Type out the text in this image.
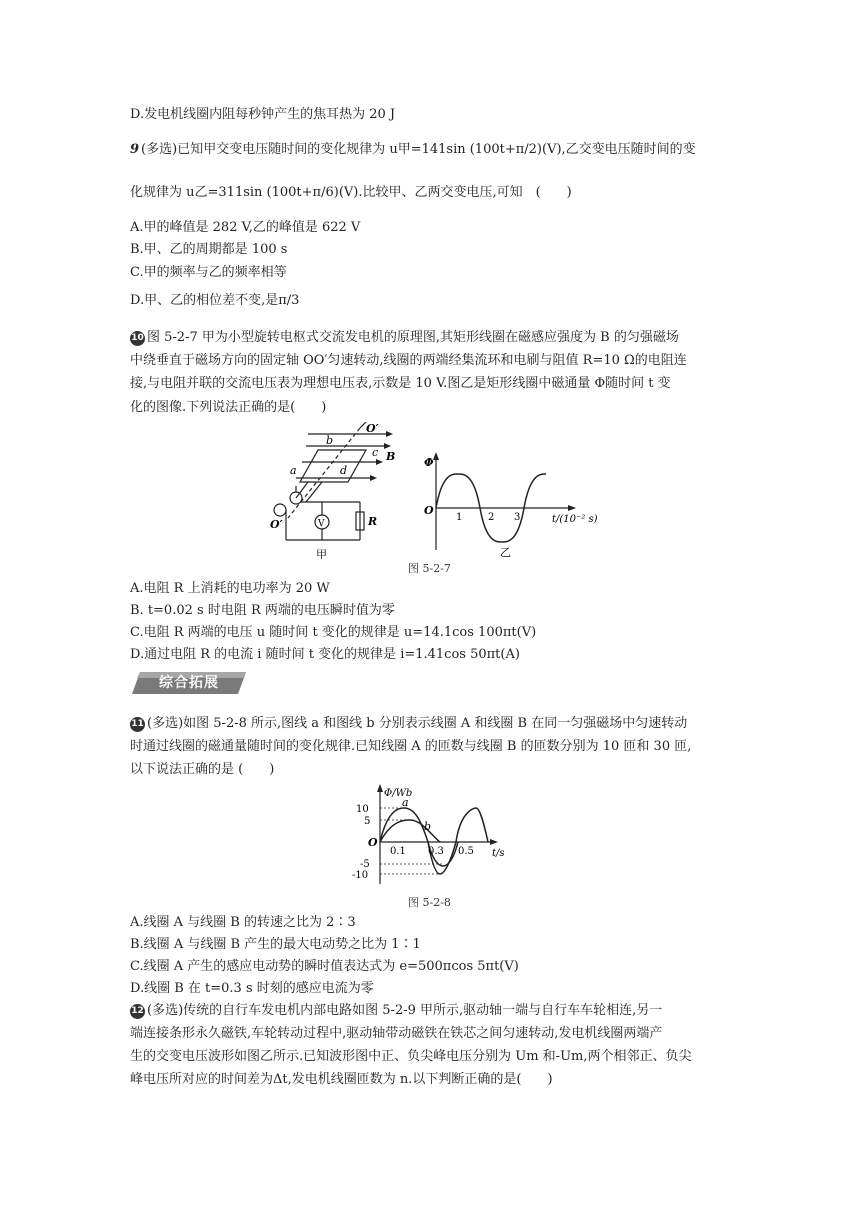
D.发电机线圈内阻每秒钟产生的焦耳热为 20 J
9 (多选)已知甲交变电压随时间的变化规律为 u甲=141sin (100t+π/2)(V),乙交变电压随时间的变
化规律为 u乙=311sin (100t+π/6)(V).比较甲、乙两交变电压,可知　(　　)
A.甲的峰值是 282 V,乙的峰值是 622 V
B.甲、乙的周期都是 100 s
C.甲的频率与乙的频率相等
D.甲、乙的相位差不变,是π/3
10 图 5-2-7 甲为小型旋转电枢式交流发电机的原理图,其矩形线圈在磁感应强度为 B 的匀强磁场
中绕垂直于磁场方向的固定轴 OO′匀速转动,线圈的两端经集流环和电刷与阻值 R=10 Ω的电阻连
接,与电阻并联的交流电压表为理想电压表,示数是 10 V.图乙是矩形线圈中磁通量 Φ随时间 t 变
化的图像.下列说法正确的是(　　)
O′
O′
b
c
a	d
B
R
V
甲
Φ
O
1	2 3	t/(10⁻² s)
乙
图 5-2-7
A.电阻 R 上消耗的电功率为 20 W
B. t=0.02 s 时电阻 R 两端的电压瞬时值为零
C.电阻 R 两端的电压 u 随时间 t 变化的规律是 u=14.1cos 100πt(V)
D.通过电阻 R 的电流 i 随时间 t 变化的规律是 i=1.41cos 50πt(A)
综合拓展
11 (多选)如图 5-2-8 所示,图线 a 和图线 b 分别表示线圈 A 和线圈 B 在同一匀强磁场中匀速转动
时通过线圈的磁通量随时间的变化规律.已知线圈 A 的匝数与线圈 B 的匝数分别为 10 匝和 30 匝,
以下说法正确的是 (　　)
Φ/Wb
10
5
-5
-10
O
0.1 0.3 0.5 t/s
a
b
图 5-2-8
A.线圈 A 与线圈 B 的转速之比为 2∶3
B.线圈 A 与线圈 B 产生的最大电动势之比为 1∶1
C.线圈 A 产生的感应电动势的瞬时值表达式为 e=500πcos 5πt(V)
D.线圈 B 在 t=0.3 s 时刻的感应电流为零
12 (多选)传统的自行车发电机内部电路如图 5-2-9 甲所示,驱动轴一端与自行车车轮相连,另一
端连接条形永久磁铁,车轮转动过程中,驱动轴带动磁铁在铁芯之间匀速转动,发电机线圈两端产
生的交变电压波形如图乙所示.已知波形图中正、负尖峰电压分别为 Um 和-Um,两个相邻正、负尖
峰电压所对应的时间差为Δt,发电机线圈匝数为 n.以下判断正确的是(　　)
